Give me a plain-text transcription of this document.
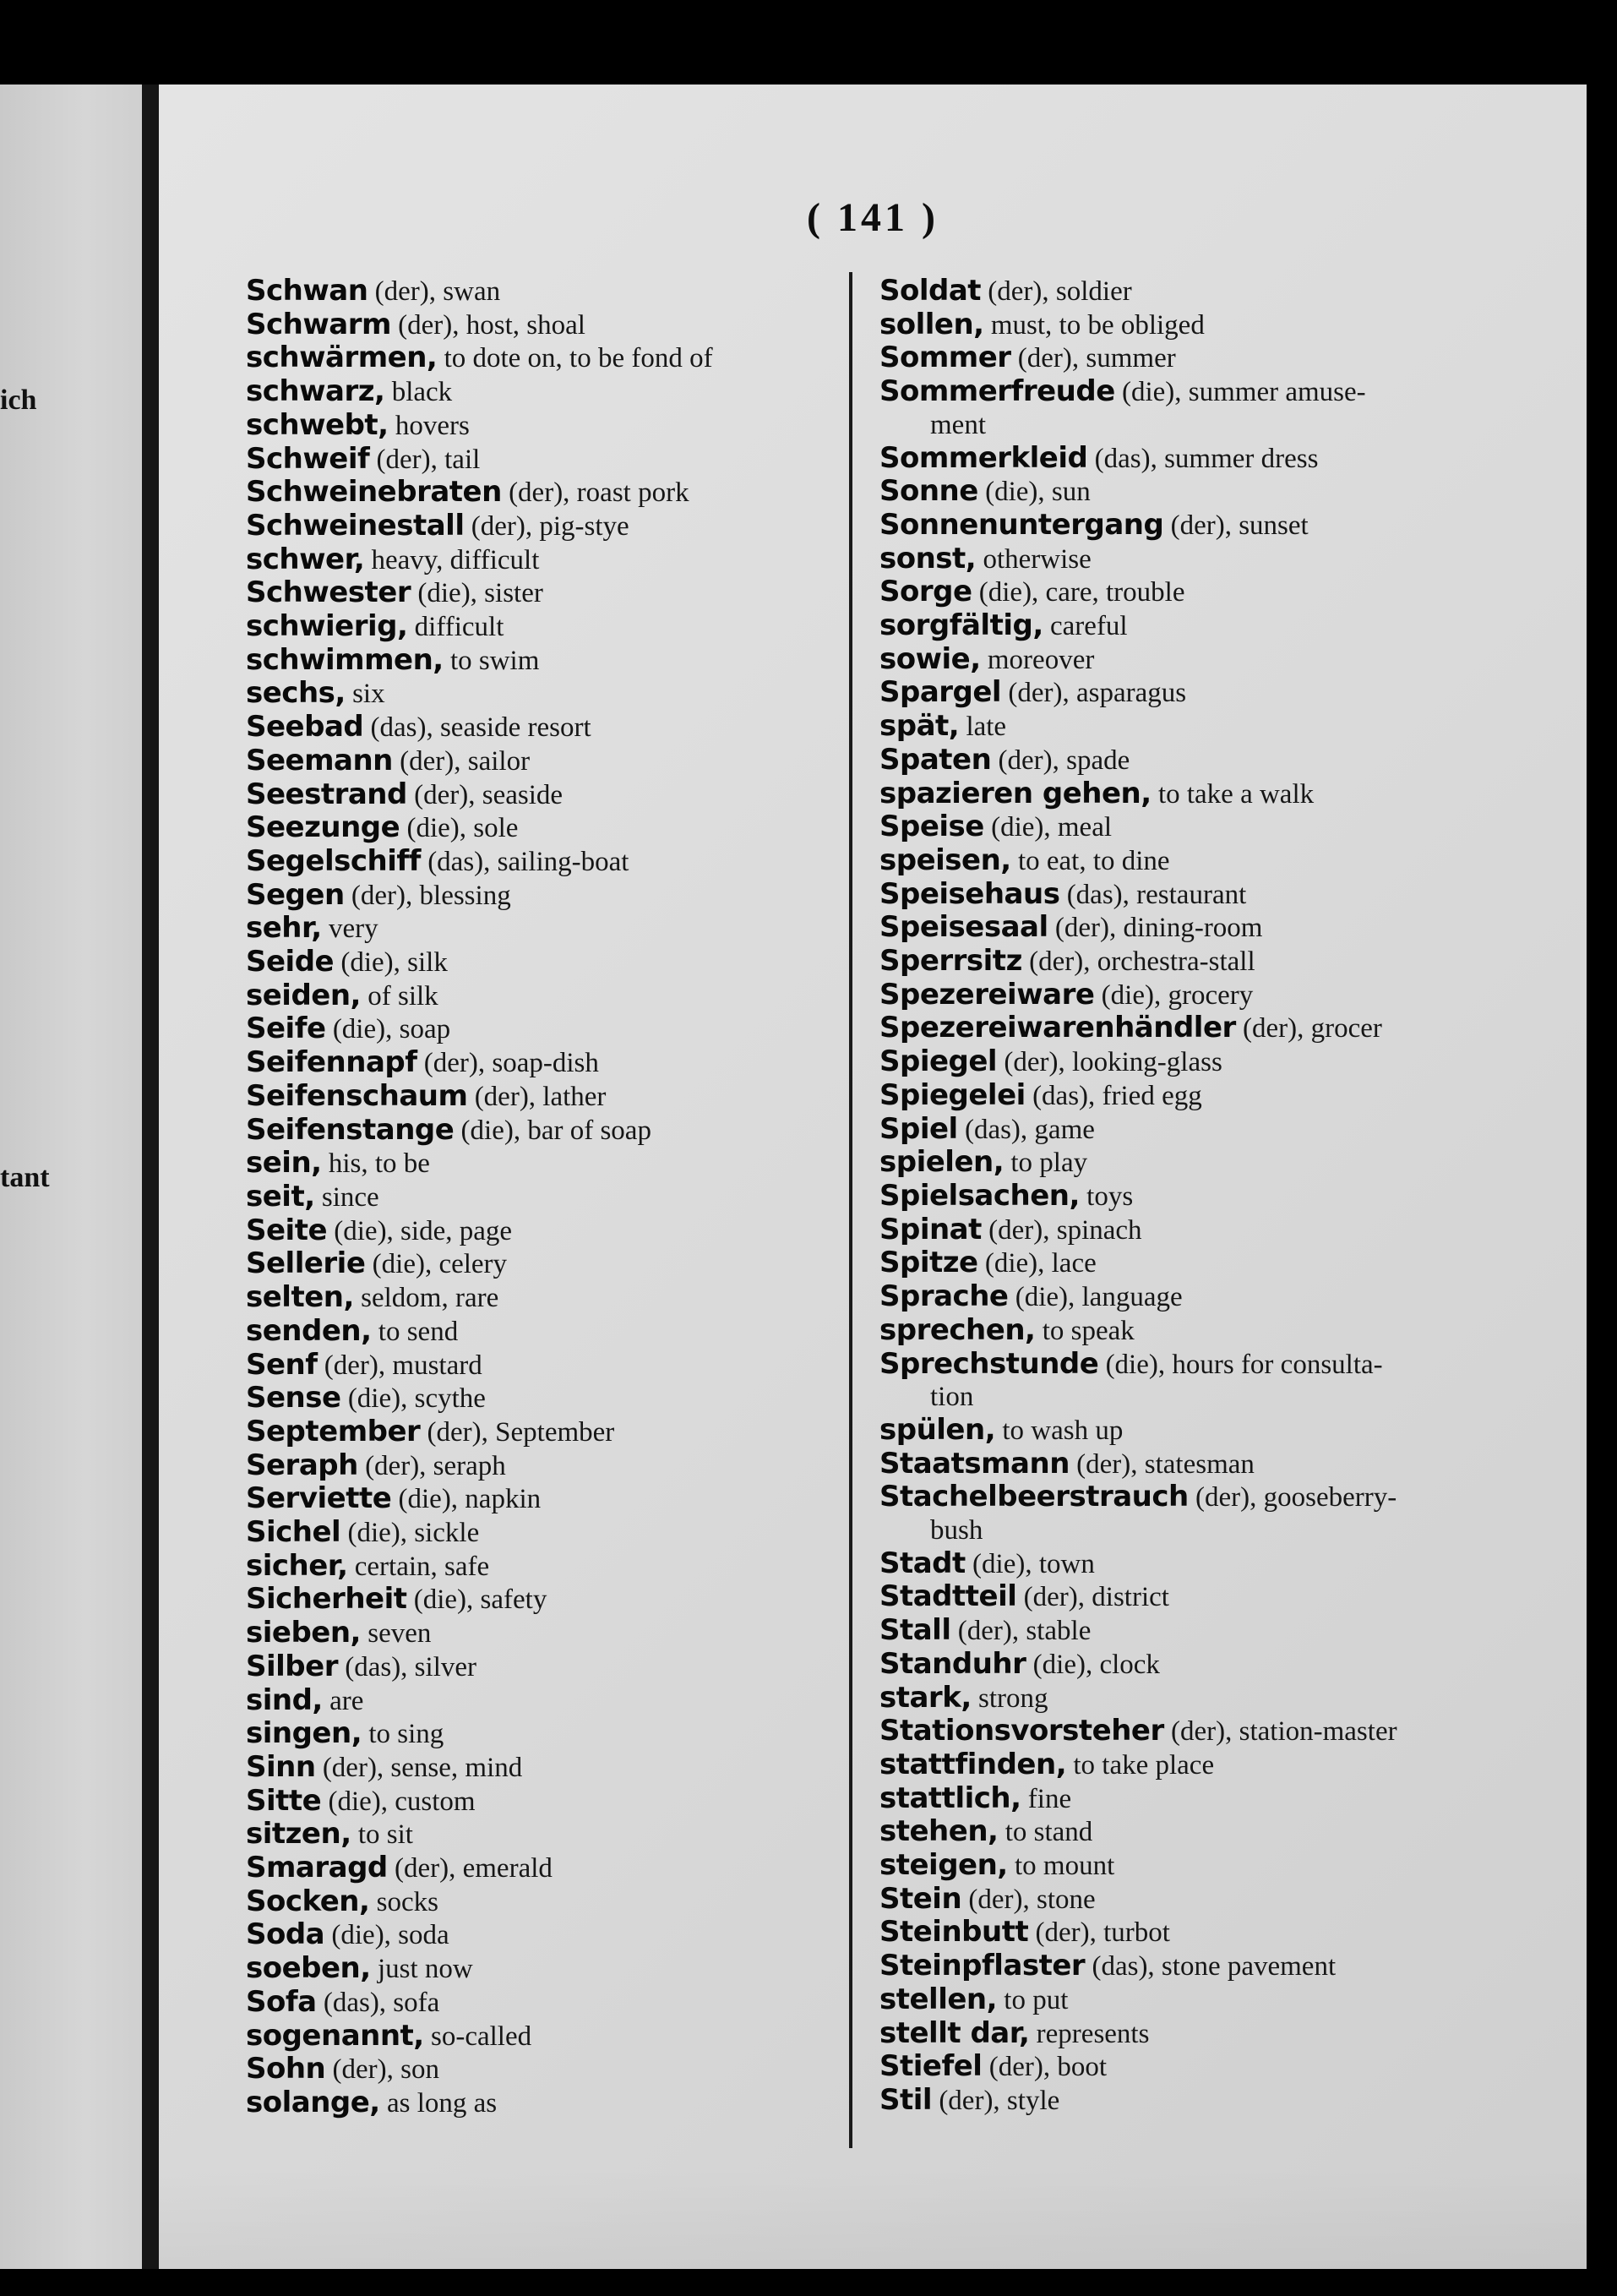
ich
tant
( 141 )
Schwan (der), swan
Schwarm (der), host, shoal
schwärmen, to dote on, to be fond of
schwarz, black
schwebt, hovers
Schweif (der), tail
Schweinebraten (der), roast pork
Schweinestall (der), pig-stye
schwer, heavy, difficult
Schwester (die), sister
schwierig, difficult
schwimmen, to swim
sechs, six
Seebad (das), seaside resort
Seemann (der), sailor
Seestrand (der), seaside
Seezunge (die), sole
Segelschiff (das), sailing-boat
Segen (der), blessing
sehr, very
Seide (die), silk
seiden, of silk
Seife (die), soap
Seifennapf (der), soap-dish
Seifenschaum (der), lather
Seifenstange (die), bar of soap
sein, his, to be
seit, since
Seite (die), side, page
Sellerie (die), celery
selten, seldom, rare
senden, to send
Senf (der), mustard
Sense (die), scythe
September (der), September
Seraph (der), seraph
Serviette (die), napkin
Sichel (die), sickle
sicher, certain, safe
Sicherheit (die), safety
sieben, seven
Silber (das), silver
sind, are
singen, to sing
Sinn (der), sense, mind
Sitte (die), custom
sitzen, to sit
Smaragd (der), emerald
Socken, socks
Soda (die), soda
soeben, just now
Sofa (das), sofa
sogenannt, so-called
Sohn (der), son
solange, as long as
Soldat (der), soldier
sollen, must, to be obliged
Sommer (der), summer
Sommerfreude (die), summer amuse-
ment
Sommerkleid (das), summer dress
Sonne (die), sun
Sonnenuntergang (der), sunset
sonst, otherwise
Sorge (die), care, trouble
sorgfältig, careful
sowie, moreover
Spargel (der), asparagus
spät, late
Spaten (der), spade
spazieren gehen, to take a walk
Speise (die), meal
speisen, to eat, to dine
Speisehaus (das), restaurant
Speisesaal (der), dining-room
Sperrsitz (der), orchestra-stall
Spezereiware (die), grocery
Spezereiwarenhändler (der), grocer
Spiegel (der), looking-glass
Spiegelei (das), fried egg
Spiel (das), game
spielen, to play
Spielsachen, toys
Spinat (der), spinach
Spitze (die), lace
Sprache (die), language
sprechen, to speak
Sprechstunde (die), hours for consulta-
tion
spülen, to wash up
Staatsmann (der), statesman
Stachelbeerstrauch (der), gooseberry-
bush
Stadt (die), town
Stadtteil (der), district
Stall (der), stable
Standuhr (die), clock
stark, strong
Stationsvorsteher (der), station-master
stattfinden, to take place
stattlich, fine
stehen, to stand
steigen, to mount
Stein (der), stone
Steinbutt (der), turbot
Steinpflaster (das), stone pavement
stellen, to put
stellt dar, represents
Stiefel (der), boot
Stil (der), style
